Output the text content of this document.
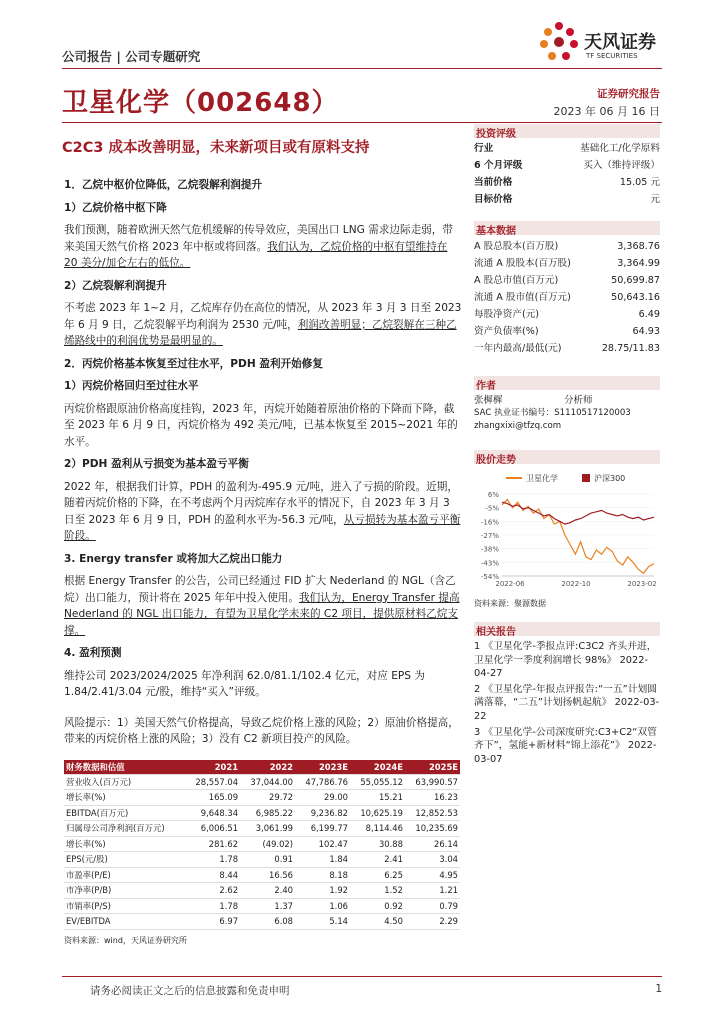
公司报告 | 公司专题研究
天风证券
TF SECURITIES
卫星化学（002648）	证券研究报告
2023 年 06 月 16 日
C2C3 成本改善明显，未来新项目或有原料支持
1．乙烷中枢价位降低，乙烷裂解利润提升
1）乙烷价格中枢下降
我们预测，随着欧洲天然气危机缓解的传导效应，美国出口 LNG 需求边际走弱，带来美国天然气价格 2023 年中枢或将回落。我们认为，乙烷价格的中枢有望维持在 20 美分/加仑左右的低位。
2）乙烷裂解利润提升
不考虑 2023 年 1~2 月，乙烷库存仍在高位的情况，从 2023 年 3 月 3 日至 2023 年 6 月 9 日，乙烷裂解平均利润为 2530 元/吨，利润改善明显；乙烷裂解在三种乙烯路线中的利润优势是最明显的。
2．丙烷价格基本恢复至过往水平，PDH 盈利开始修复
1）丙烷价格回归至过往水平
丙烷价格跟原油价格高度挂钩，2023 年，丙烷开始随着原油价格的下降而下降，截至 2023 年 6 月 9 日，丙烷价格为 492 美元/吨，已基本恢复至 2015~2021 年的水平。
2）PDH 盈利从亏损变为基本盈亏平衡
2022 年，根据我们计算，PDH 的盈利为-495.9 元/吨，进入了亏损的阶段。近期，随着丙烷价格的下降，在不考虑两个月丙烷库存水平的情况下，自 2023 年 3 月 3 日至 2023 年 6 月 9 日，PDH 的盈利水平为-56.3 元/吨，从亏损转为基本盈亏平衡阶段。
3. Energy transfer 或将加大乙烷出口能力
根据 Energy Transfer 的公告，公司已经通过 FID 扩大 Nederland 的 NGL（含乙烷）出口能力，预计将在 2025 年年中投入使用。我们认为，Energy Transfer 提高 Nederland 的 NGL 出口能力，有望为卫星化学未来的 C2 项目，提供原材料乙烷支撑。
4. 盈利预测
维持公司 2023/2024/2025 年净利润 62.0/81.1/102.4 亿元，对应 EPS 为 1.84/2.41/3.04 元/股，维持“买入”评级。
风险提示：1）美国天然气价格提高，导致乙烷价格上涨的风险；2）原油价格提高，带来的丙烷价格上涨的风险；3）没有 C2 新项目投产的风险。
投资评级
行业	基础化工/化学原料
6 个月评级	买入（维持评级）
当前价格	15.05 元
目标价格	元
基本数据
A 股总股本(百万股)	3,368.76
流通 A 股股本(百万股)	3,364.99
A 股总市值(百万元)	50,699.87
流通 A 股市值(百万元)	50,643.16
每股净资产(元)	6.49
资产负债率(%)	64.93
一年内最高/最低(元)	28.75/11.83
作者
张樨樨	分析师
SAC 执业证书编号：S1110517120003
zhangxixi@tfzq.com
股价走势
卫星化学	沪深300
6%
-5%
-16%
-27%
-38%
-43%
-54%
2022-06	2022-10	2023-02
资料来源：聚源数据
相关报告
1 《卫星化学-季报点评:C3C2 齐头并进，卫星化学一季度利润增长 98%》 2022-04-27
2 《卫星化学-年报点评报告:“一五”计划圆满落幕，“二五”计划扬帆起航》 2022-03-22
3 《卫星化学-公司深度研究:C3+C2“双管齐下”，氢能+新材料“锦上添花”》 2022-03-07
财务数据和估值	2021	2022	2023E	2024E	2025E
营业收入(百万元)	28,557.04	37,044.00	47,786.76	55,055.12	63,990.57
增长率(%)	165.09	29.72	29.00	15.21	16.23
EBITDA(百万元)	9,648.34	6,985.22	9,236.82	10,625.19	12,852.53
归属母公司净利润(百万元)	6,006.51	3,061.99	6,199.77	8,114.46	10,235.69
增长率(%)	281.62	(49.02)	102.47	30.88	26.14
EPS(元/股)	1.78	0.91	1.84	2.41	3.04
市盈率(P/E)	8.44	16.56	8.18	6.25	4.95
市净率(P/B)	2.62	2.40	1.92	1.52	1.21
市销率(P/S)	1.78	1.37	1.06	0.92	0.79
EV/EBITDA	6.97	6.08	5.14	4.50	2.29
资料来源：wind，天风证券研究所
请务必阅读正文之后的信息披露和免责申明	1
